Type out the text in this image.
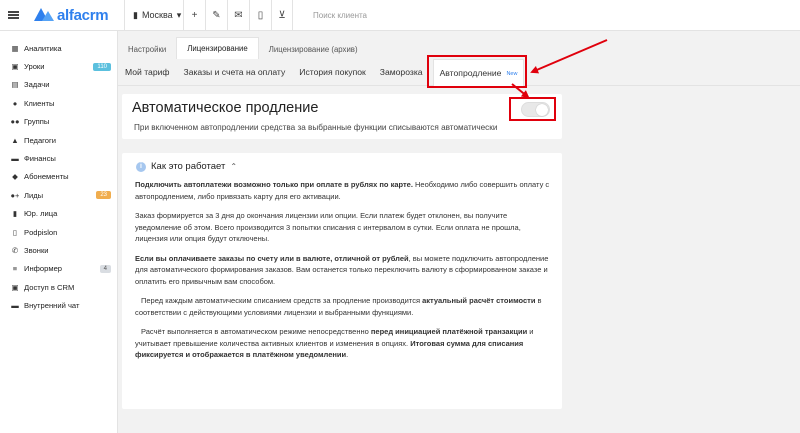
alfacrm	▮ Москва ▾	+	✎	✉	▯	⊻
Поиск клиента
▦ Аналитика
▣ Уроки	110
▤ Задачи
● Клиенты
●● Группы
▲ Педагоги
▬ Финансы
◆ Абонементы
●+ Лиды	23
▮ Юр. лица
▯ Podpislon
✆ Звонки
≡ Информер	4
▣ Доступ в CRM
▬ Внутренний чат
Настройки	Лицензирование	Лицензирование (архив)
Мой тариф	Заказы и счета на оплату	История покупок	Заморозка	Автопродление New
Автоматическое продление

При включенном автопродлении средства за выбранные функции списываются автоматически

i Как это работает ⌃

Подключить автоплатежи возможно только при оплате в рублях по карте. Необходимо либо совершить оплату с автопродлением, либо привязать карту для его активации.

Заказ формируется за 3 дня до окончания лицензии или опции. Если платеж будет отклонен, вы получите уведомление об этом. Всего производится 3 попытки списания с интервалом в сутки. Если оплата не прошла, лицензия или опция будут отключены.

Если вы оплачиваете заказы по счету или в валюте, отличной от рублей, вы можете подключить автопродление для автоматического формирования заказов. Вам останется только переключить валюту в сформированном заказе и оплатить его привычным вам способом.

Перед каждым автоматическим списанием средств за продление производится актуальный расчёт стоимости в соответствии с действующими условиями лицензии и выбранными функциями.

Расчёт выполняется в автоматическом режиме непосредственно перед инициацией платёжной транзакции и учитывает превышение количества активных клиентов и изменения в опциях. Итоговая сумма для списания фиксируется и отображается в платёжном уведомлении.
